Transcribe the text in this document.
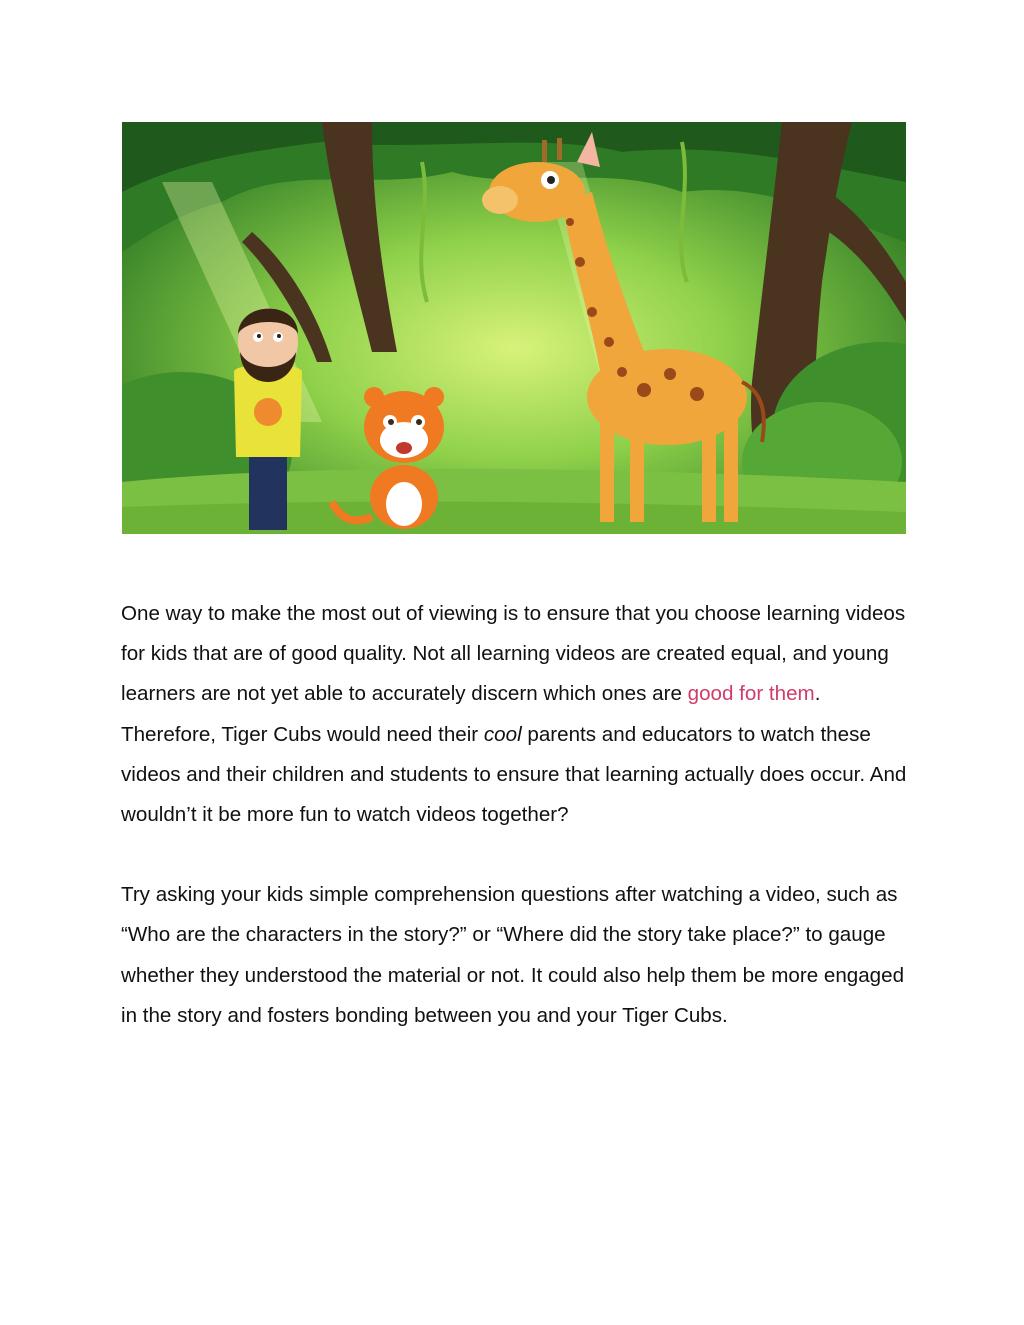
One way to make the most out of viewing is to ensure that you choose learning videos for kids that are of good quality. Not all learning videos are created equal, and young learners are not yet able to accurately discern which ones are good for them. Therefore, Tiger Cubs would need their cool parents and educators to watch these videos and their children and students to ensure that learning actually does occur. And wouldn’t it be more fun to watch videos together?

Try asking your kids simple comprehension questions after watching a video, such as “Who are the characters in the story?” or “Where did the story take place?” to gauge whether they understood the material or not. It could also help them be more engaged in the story and fosters bonding between you and your Tiger Cubs.
